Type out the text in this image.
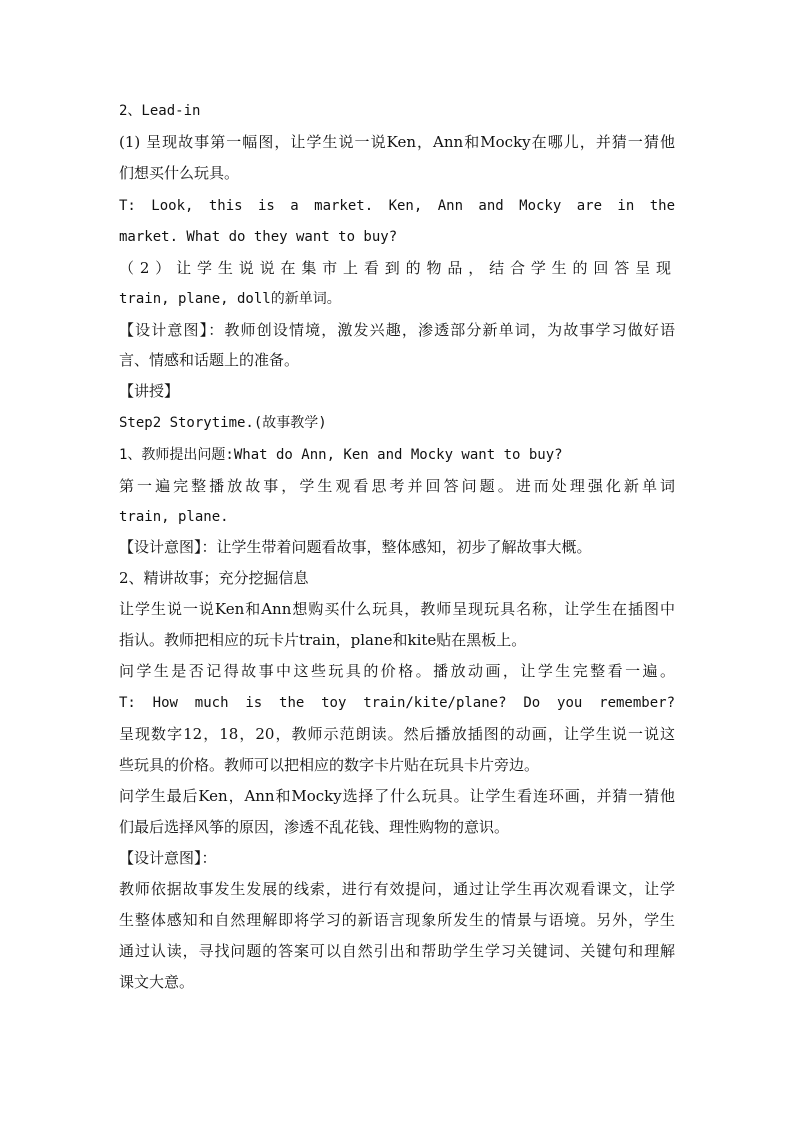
2、Lead-in
(1) 呈现故事第一幅图，让学生说一说Ken，Ann和Mocky在哪儿，并猜一猜他
们想买什么玩具。
T: Look, this is a market. Ken, Ann and Mocky are in the
market. What do they want to buy?
（2）让学生说说在集市上看到的物品，结合学生的回答呈现
train, plane, doll的新单词。
【设计意图】：教师创设情境，激发兴趣，渗透部分新单词，为故事学习做好语
言、情感和话题上的准备。
【讲授】
Step2 Storytime.(故事教学)
1、教师提出问题:What do Ann, Ken and Mocky want to buy?
第一遍完整播放故事，学生观看思考并回答问题。进而处理强化新单词
train, plane.
【设计意图】：让学生带着问题看故事，整体感知，初步了解故事大概。
2、精讲故事；充分挖掘信息
让学生说一说Ken和Ann想购买什么玩具，教师呈现玩具名称，让学生在插图中
指认。教师把相应的玩卡片train，plane和kite贴在黑板上。
问学生是否记得故事中这些玩具的价格。播放动画，让学生完整看一遍。
T: How much is the toy train/kite/plane? Do you remember?
呈现数字12，18，20，教师示范朗读。然后播放插图的动画，让学生说一说这
些玩具的价格。教师可以把相应的数字卡片贴在玩具卡片旁边。
问学生最后Ken，Ann和Mocky选择了什么玩具。让学生看连环画，并猜一猜他
们最后选择风筝的原因，渗透不乱花钱、理性购物的意识。
【设计意图】：
教师依据故事发生发展的线索，进行有效提问，通过让学生再次观看课文，让学
生整体感知和自然理解即将学习的新语言现象所发生的情景与语境。另外，学生
通过认读，寻找问题的答案可以自然引出和帮助学生学习关键词、关键句和理解
课文大意。
